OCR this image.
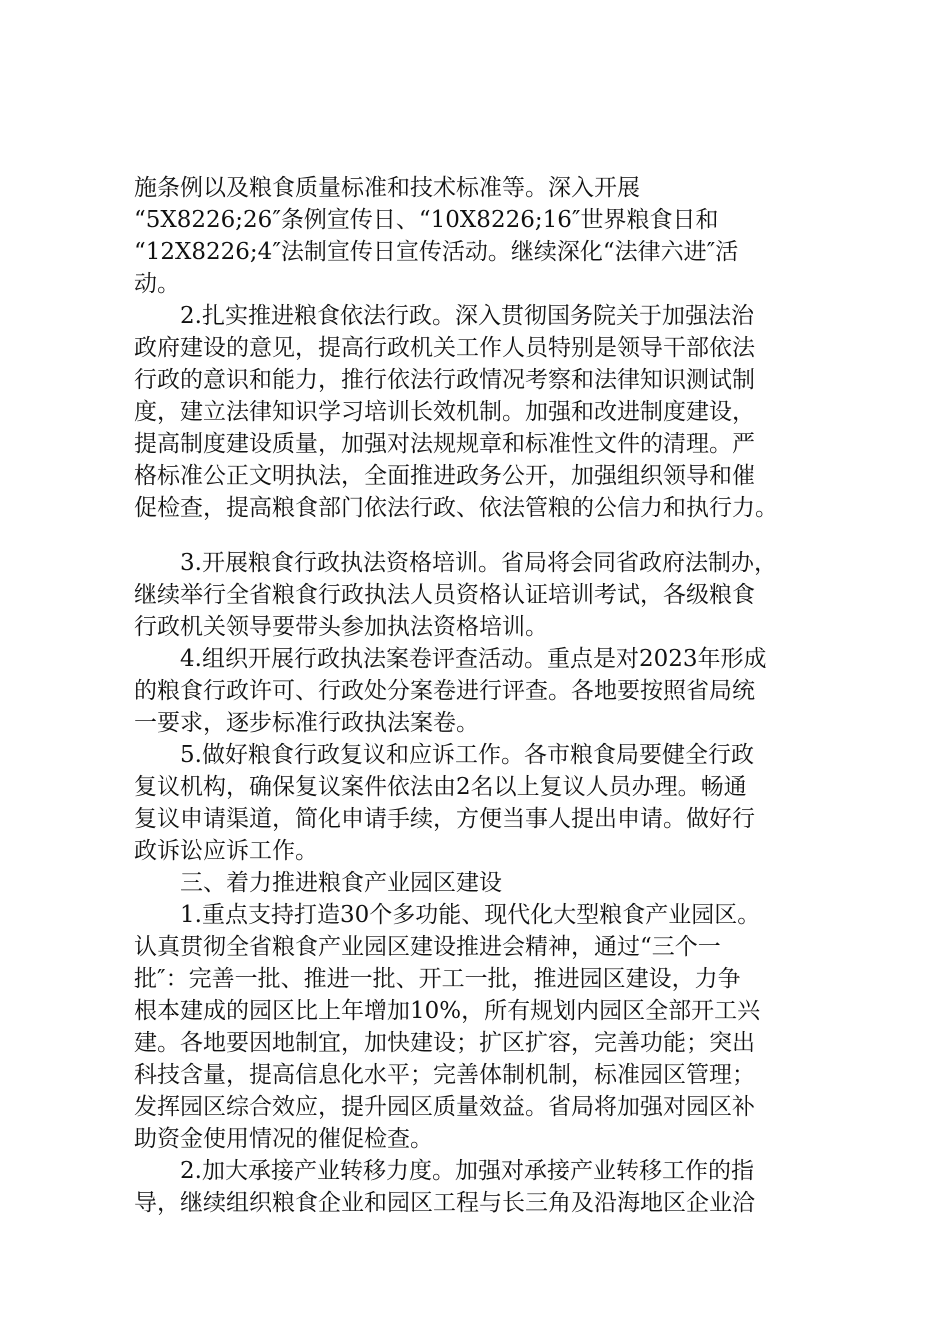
施条例以及粮食质量标准和技术标准等。深入开展
“5X8226;26″条例宣传日、“10X8226;16″世界粮食日和
“12X8226;4″法制宣传日宣传活动。继续深化“法律六进″活
动。
2.扎实推进粮食依法行政。深入贯彻国务院关于加强法治
政府建设的意见，提高行政机关工作人员特别是领导干部依法
行政的意识和能力，推行依法行政情况考察和法律知识测试制
度，建立法律知识学习培训长效机制。加强和改进制度建设，
提高制度建设质量，加强对法规规章和标准性文件的清理。严
格标准公正文明执法，全面推进政务公开，加强组织领导和催
促检查，提高粮食部门依法行政、依法管粮的公信力和执行力。
3.开展粮食行政执法资格培训。省局将会同省政府法制办，
继续举行全省粮食行政执法人员资格认证培训考试，各级粮食
行政机关领导要带头参加执法资格培训。
4.组织开展行政执法案卷评查活动。重点是对2023年形成
的粮食行政许可、行政处分案卷进行评查。各地要按照省局统
一要求，逐步标准行政执法案卷。
5.做好粮食行政复议和应诉工作。各市粮食局要健全行政
复议机构，确保复议案件依法由2名以上复议人员办理。畅通
复议申请渠道，简化申请手续，方便当事人提出申请。做好行
政诉讼应诉工作。
三、着力推进粮食产业园区建设
1.重点支持打造30个多功能、现代化大型粮食产业园区。
认真贯彻全省粮食产业园区建设推进会精神，通过“三个一
批″：完善一批、推进一批、开工一批，推进园区建设，力争
根本建成的园区比上年增加10%，所有规划内园区全部开工兴
建。各地要因地制宜，加快建设；扩区扩容，完善功能；突出
科技含量，提高信息化水平；完善体制机制，标准园区管理；
发挥园区综合效应，提升园区质量效益。省局将加强对园区补
助资金使用情况的催促检查。
2.加大承接产业转移力度。加强对承接产业转移工作的指
导，继续组织粮食企业和园区工程与长三角及沿海地区企业洽
